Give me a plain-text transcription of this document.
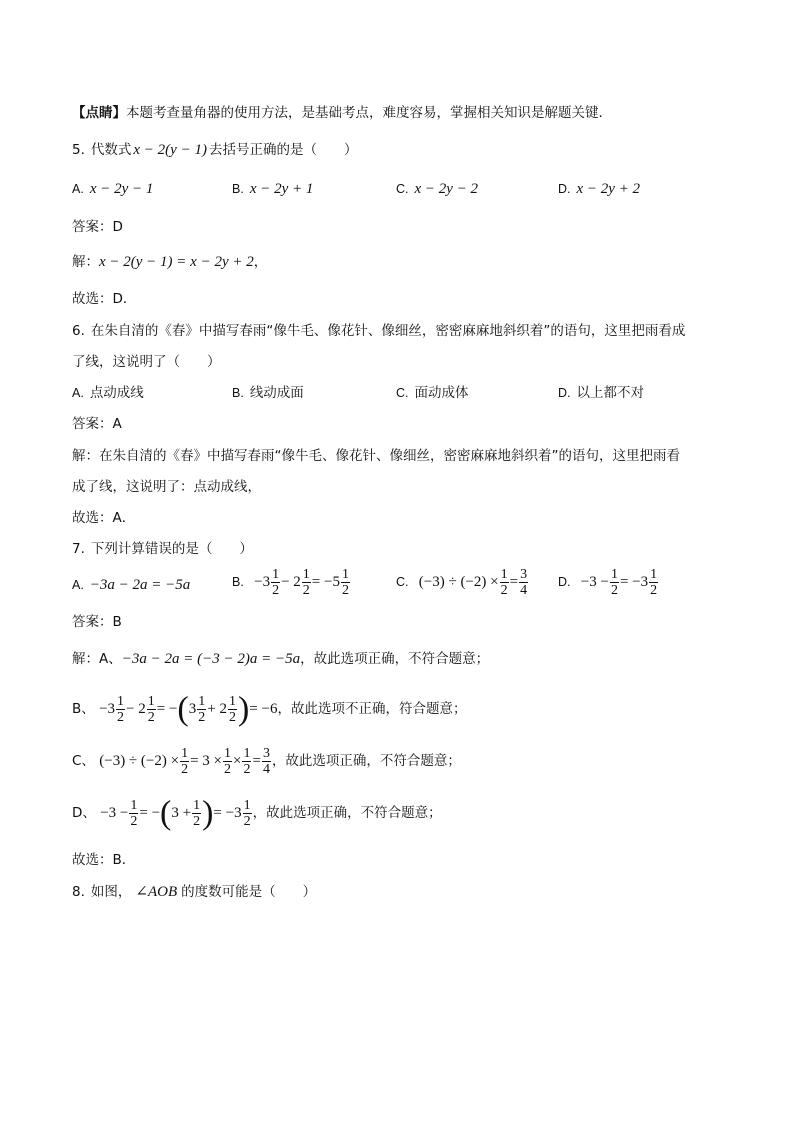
【点睛】本题考查量角器的使用方法，是基础考点，难度容易，掌握相关知识是解题关键．
5. 代数式 x − 2(y − 1) 去括号正确的是（　　）
A. x − 2y − 1	B. x − 2y + 1	C. x − 2y − 2	D. x − 2y + 2
答案：D
解：x − 2(y − 1) = x − 2y + 2，
故选：D．
6. 在朱自清的《春》中描写春雨“像牛毛、像花针、像细丝，密密麻麻地斜织着”的语句，这里把雨看成
了线，这说明了（　　）
A. 点动成线	B. 线动成面	C. 面动成体	D. 以上都不对
答案：A
解：在朱自清的《春》中描写春雨“像牛毛、像花针、像细丝，密密麻麻地斜织着”的语句，这里把雨看
成了线，这说明了：点动成线，
故选：A．
7. 下列计算错误的是（　　）
A. −3a − 2a = −5a	B. $-3 \frac{1}{2} - 2 \frac{1}{2} = -5 \frac{1}{2}$	C. $(-3) \div (-2) \times \frac{1}{2} = \frac{3}{4} D$. $-3 - \frac{1}{2} = -3 \frac{1}{2}$
答案：B
解：A、−3a − 2a = (−3 − 2)a = −5a，故此选项正确，不符合题意；
B、 $-3 \frac{1}{2} - 2 \frac{1}{2} = -(3 \frac{1}{2} + 2 \frac{1}{2}$ )= −6，故此选项不正确，符合题意；
C、 $(-3) \div (-2) \times \frac{1}{2} = 3 \times \frac{1}{2} \times \frac{1}{2} = \frac{3}{4}$ ，故此选项正确，不符合题意；
D、 $-3 - \frac{1}{2} = -(3 + \frac{1}{2}$ )= $-3 \frac{1}{2}$ ，故此选项正确，不符合题意；
故选：B．
8. 如图， ∠AOB 的度数可能是（　　）
